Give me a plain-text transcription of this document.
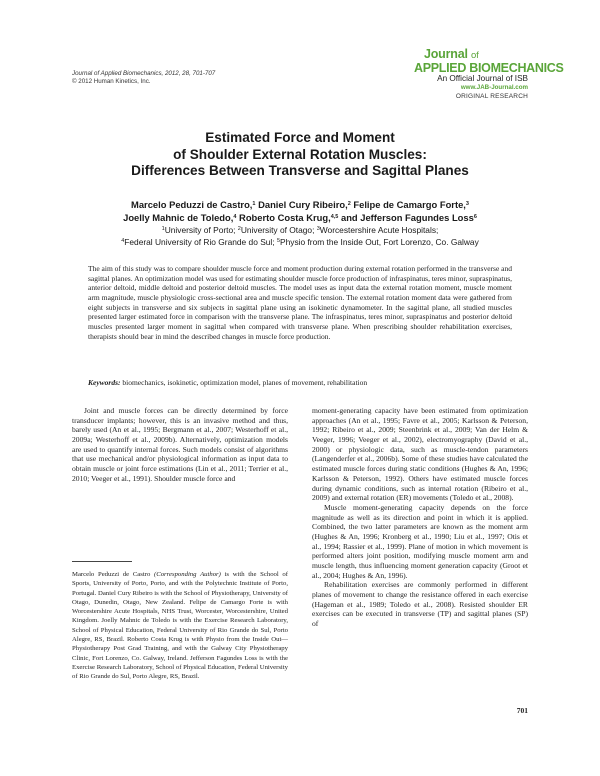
Journal of Applied Biomechanics, 2012, 28, 701-707
© 2012 Human Kinetics, Inc.
Journal of
APPLIED BIOMECHANICS
An Official Journal of ISB
www.JAB-Journal.com
ORIGINAL RESEARCH
Estimated Force and Moment
of Shoulder External Rotation Muscles:
Differences Between Transverse and Sagittal Planes
Marcelo Peduzzi de Castro,$^1$ Daniel Cury Ribeiro,$^2$ Felipe de Camargo Forte,$^3$
Joelly Mahnic de Toledo,$^4$ Roberto Costa Krug,$^{4,5}$ and Jefferson Fagundes Loss$^6$
$^1$University of Porto; $^2$University of Otago; $^3$Worcestershire Acute Hospitals;
$^4$Federal University of Rio Grande do Sul; $^5$Physio from the Inside Out, Fort Lorenzo, Co. Galway
The aim of this study was to compare shoulder muscle force and moment production during external rotation performed in the transverse and sagittal planes. An optimization model was used for estimating shoulder muscle force production of infraspinatus, teres minor, supraspinatus, anterior deltoid, middle deltoid and posterior deltoid muscles. The model uses as input data the external rotation moment, muscle moment arm magnitude, muscle physiologic cross-sectional area and muscle specific tension. The external rotation moment data were gathered from eight subjects in transverse and six subjects in sagittal plane using an isokinetic dynamometer. In the sagittal plane, all studied muscles presented larger estimated force in comparison with the transverse plane. The infraspinatus, teres minor, supraspinatus and posterior deltoid muscles presented larger moment in sagittal when compared with transverse plane. When prescribing shoulder rehabilitation exercises, therapists should bear in mind the described changes in muscle force production.
Keywords: biomechanics, isokinetic, optimization model, planes of movement, rehabilitation

Joint and muscle forces can be directly determined by force transducer implants; however, this is an invasive method and thus, barely used (An et al., 1995; Bergmann et al., 2007; Westerhoff et al., 2009a; Westerhoff et al., 2009b). Alternatively, optimization models are used to quantify internal forces. Such models consist of algorithms that use mechanical and/or physiological information as input data to obtain muscle or joint force estimations (Lin et al., 2011; Terrier et al., 2010; Veeger et al., 1991). Shoulder muscle force and

moment-generating capacity have been estimated from optimization approaches (An et al., 1995; Favre et al., 2005; Karlsson & Peterson, 1992; Ribeiro et al., 2009; Steenbrink et al., 2009; Van der Helm & Veeger, 1996; Veeger et al., 2002), electromyography (David et al., 2000) or physiologic data, such as muscle-tendon parameters (Langenderfer et al., 2006b). Some of these studies have calculated the estimated muscle forces during static conditions (Hughes & An, 1996; Karlsson & Peterson, 1992). Others have estimated muscle forces during dynamic conditions, such as internal rotation (Ribeiro et al., 2009) and external rotation (ER) movements (Toledo et al., 2008).

Muscle moment-generating capacity depends on the force magnitude as well as its direction and point in which it is applied. Combined, the two latter parameters are known as the moment arm (Hughes & An, 1996; Kronberg et al., 1990; Liu et al., 1997; Otis et al., 1994; Rassier et al., 1999). Plane of motion in which movement is performed alters joint position, modifying muscle moment arm and muscle length, thus influencing moment generation capacity (Groot et al., 2004; Hughes & An, 1996).

Rehabilitation exercises are commonly performed in different planes of movement to change the resistance offered in each exercise (Hageman et al., 1989; Toledo et al., 2008). Resisted shoulder ER exercises can be executed in transverse (TP) and sagittal planes (SP) of

Marcelo Peduzzi de Castro (Corresponding Author) is with the School of Sports, University of Porto, Porto, and with the Polytechnic Institute of Porto, Portugal. Daniel Cury Ribeiro is with the School of Physiotherapy, University of Otago, Dunedin, Otago, New Zealand. Felipe de Camargo Forte is with Worcestershire Acute Hospitals, NHS Trust, Worcester, Worcestershire, United Kingdom. Joelly Mahnic de Toledo is with the Exercise Research Laboratory, School of Physical Education, Federal University of Rio Grande do Sul, Porto Alegre, RS, Brazil. Roberto Costa Krug is with Physio from the Inside Out—Physiotherapy Post Grad Training, and with the Galway City Physiotherapy Clinic, Fort Lorenzo, Co. Galway, Ireland. Jefferson Fagundes Loss is with the Exercise Research Laboratory, School of Physical Education, Federal University of Rio Grande do Sul, Porto Alegre, RS, Brazil.
701
